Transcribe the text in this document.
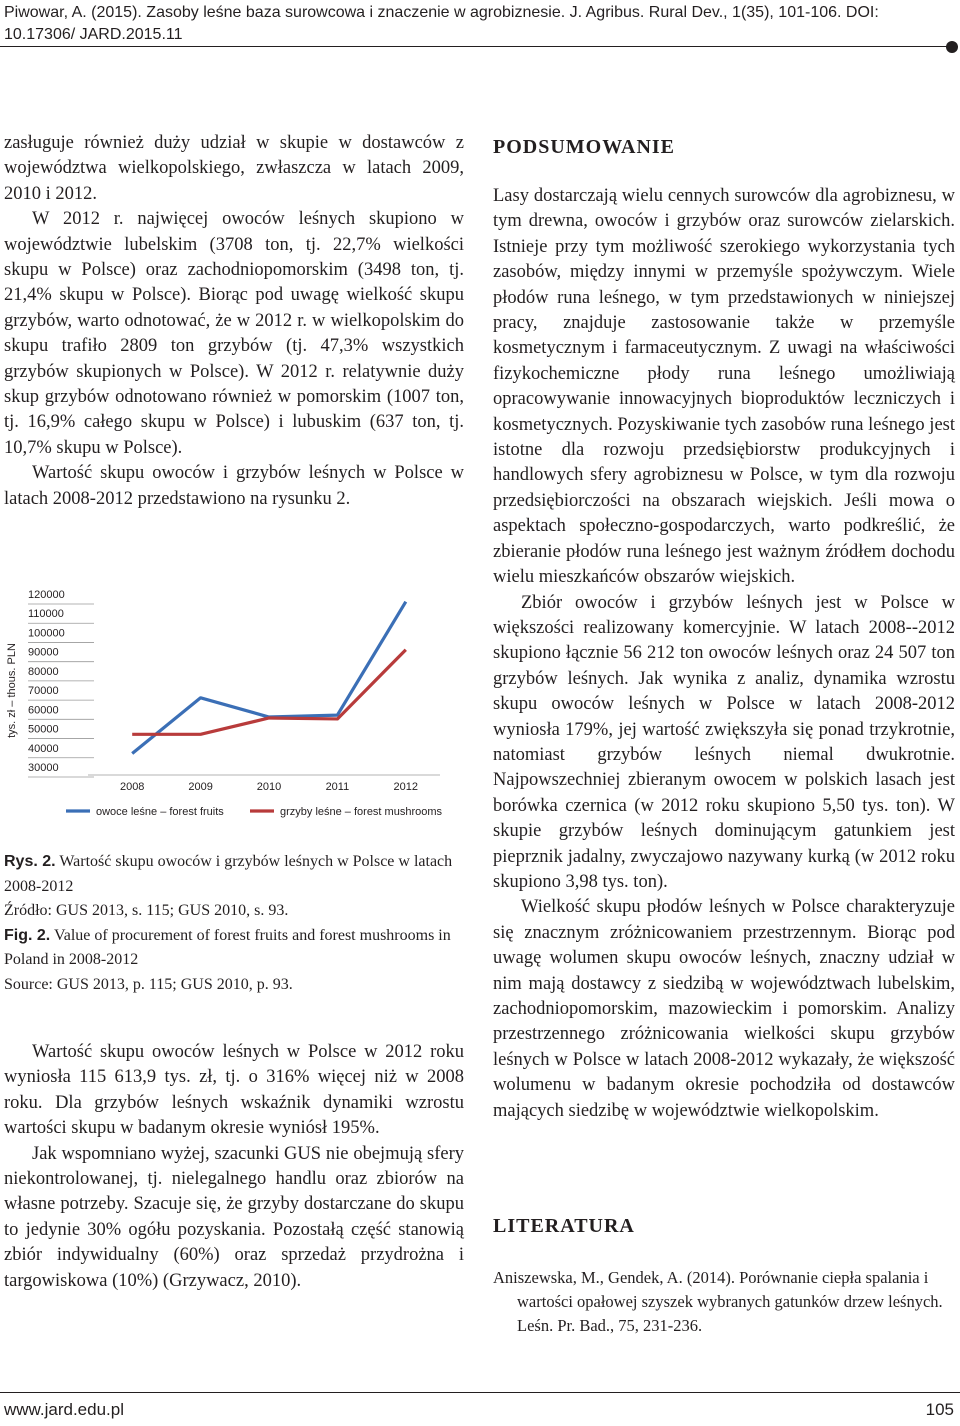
Piwowar, A. (2015). Zasoby leśne baza surowcowa i znaczenie w agrobiznesie. J. Agribus. Rural Dev., 1(35), 101-106. DOI: 10.17306/ JARD.2015.11

zasługuje również duży udział w skupie w dostawców z województwa wielkopolskiego, zwłaszcza w latach 2009, 2010 i 2012.

W 2012 r. najwięcej owoców leśnych skupiono w województwie lubelskim (3708 ton, tj. 22,7% wielkości skupu w Polsce) oraz zachodniopomorskim (3498 ton, tj. 21,4% skupu w Polsce). Biorąc pod uwagę wielkość skupu grzybów, warto odnotować, że w 2012 r. w wielkopolskim do skupu trafiło 2809 ton grzybów (tj. 47,3% wszystkich grzybów skupionych w Polsce). W 2012 r. relatywnie duży skup grzybów odnotowano również w pomorskim (1007 ton, tj. 16,9% całego skupu w Polsce) i lubuskim (637 ton, tj. 10,7% skupu w Polsce).

Wartość skupu owoców i grzybów leśnych w Polsce w latach 2008-2012 przedstawiono na rysunku 2.

tys. zł – thous. PLN
120000
110000
100000
90000
80000
70000
60000
50000
40000
30000
2008	2009	2010	2011	2012
owoce leśne – forest fruits	grzyby leśne – forest mushrooms
Rys. 2. Wartość skupu owoców i grzybów leśnych w Polsce w latach 2008-2012
Źródło: GUS 2013, s. 115; GUS 2010, s. 93.
Fig. 2. Value of procurement of forest fruits and forest mushrooms in Poland in 2008-2012
Source: GUS 2013, p. 115; GUS 2010, p. 93.

Wartość skupu owoców leśnych w Polsce w 2012 roku wyniosła 115 613,9 tys. zł, tj. o 316% więcej niż w 2008 roku. Dla grzybów leśnych wskaźnik dynamiki wzrostu wartości skupu w badanym okresie wyniósł 195%.

Jak wspomniano wyżej, szacunki GUS nie obejmują sfery niekontrolowanej, tj. nielegalnego handlu oraz zbiorów na własne potrzeby. Szacuje się, że grzyby dostarczane do skupu to jedynie 30% ogółu pozyskania. Pozostałą część stanowią zbiór indywidualny (60%) oraz sprzedaż przydrożna i targowiskowa (10%) (Grzywacz, 2010).

PODSUMOWANIE

Lasy dostarczają wielu cennych surowców dla agrobiznesu, w tym drewna, owoców i grzybów oraz surowców zielarskich. Istnieje przy tym możliwość szerokiego wykorzystania tych zasobów, między innymi w przemyśle spożywczym. Wiele płodów runa leśnego, w tym przedstawionych w niniejszej pracy, znajduje zastosowanie także w przemyśle kosmetycznym i farmaceutycznym. Z uwagi na właściwości fizykochemiczne płody runa leśnego umożliwiają opracowywanie innowacyjnych bioproduktów leczniczych i kosmetycznych. Pozyskiwanie tych zasobów runa leśnego jest istotne dla rozwoju przedsiębiorstw produkcyjnych i handlowych sfery agrobiznesu w Polsce, w tym dla rozwoju przedsiębiorczości na obszarach wiejskich. Jeśli mowa o aspektach społeczno-gospodarczych, warto podkreślić, że zbieranie płodów runa leśnego jest ważnym źródłem dochodu wielu mieszkańców obszarów wiejskich.

Zbiór owoców i grzybów leśnych jest w Polsce w większości realizowany komercyjnie. W latach 2008--2012 skupiono łącznie 56 212 ton owoców leśnych oraz 24 507 ton grzybów leśnych. Jak wynika z analiz, dynamika wzrostu skupu owoców leśnych w Polsce w latach 2008-2012 wyniosła 179%, jej wartość zwiększyła się ponad trzykrotnie, natomiast grzybów leśnych niemal dwukrotnie. Najpowszechniej zbieranym owocem w polskich lasach jest borówka czernica (w 2012 roku skupiono 5,50 tys. ton). W skupie grzybów leśnych dominującym gatunkiem jest pieprznik jadalny, zwyczajowo nazywany kurką (w 2012 roku skupiono 3,98 tys. ton).

Wielkość skupu płodów leśnych w Polsce charakteryzuje się znacznym zróżnicowaniem przestrzennym. Biorąc pod uwagę wolumen skupu owoców leśnych, znaczny udział w nim mają dostawcy z siedzibą w województwach lubelskim, zachodniopomorskim, mazowieckim i pomorskim. Analizy przestrzennego zróżnicowania wielkości skupu grzybów leśnych w Polsce w latach 2008-2012 wykazały, że większość wolumenu w badanym okresie pochodziła od dostawców mających siedzibę w województwie wielkopolskim.

LITERATURA
Aniszewska, M., Gendek, A. (2014). Porównanie ciepła spalania i wartości opałowej szyszek wybranych gatunków drzew leśnych. Leśn. Pr. Bad., 75, 231-236.
www.jard.edu.pl	105
